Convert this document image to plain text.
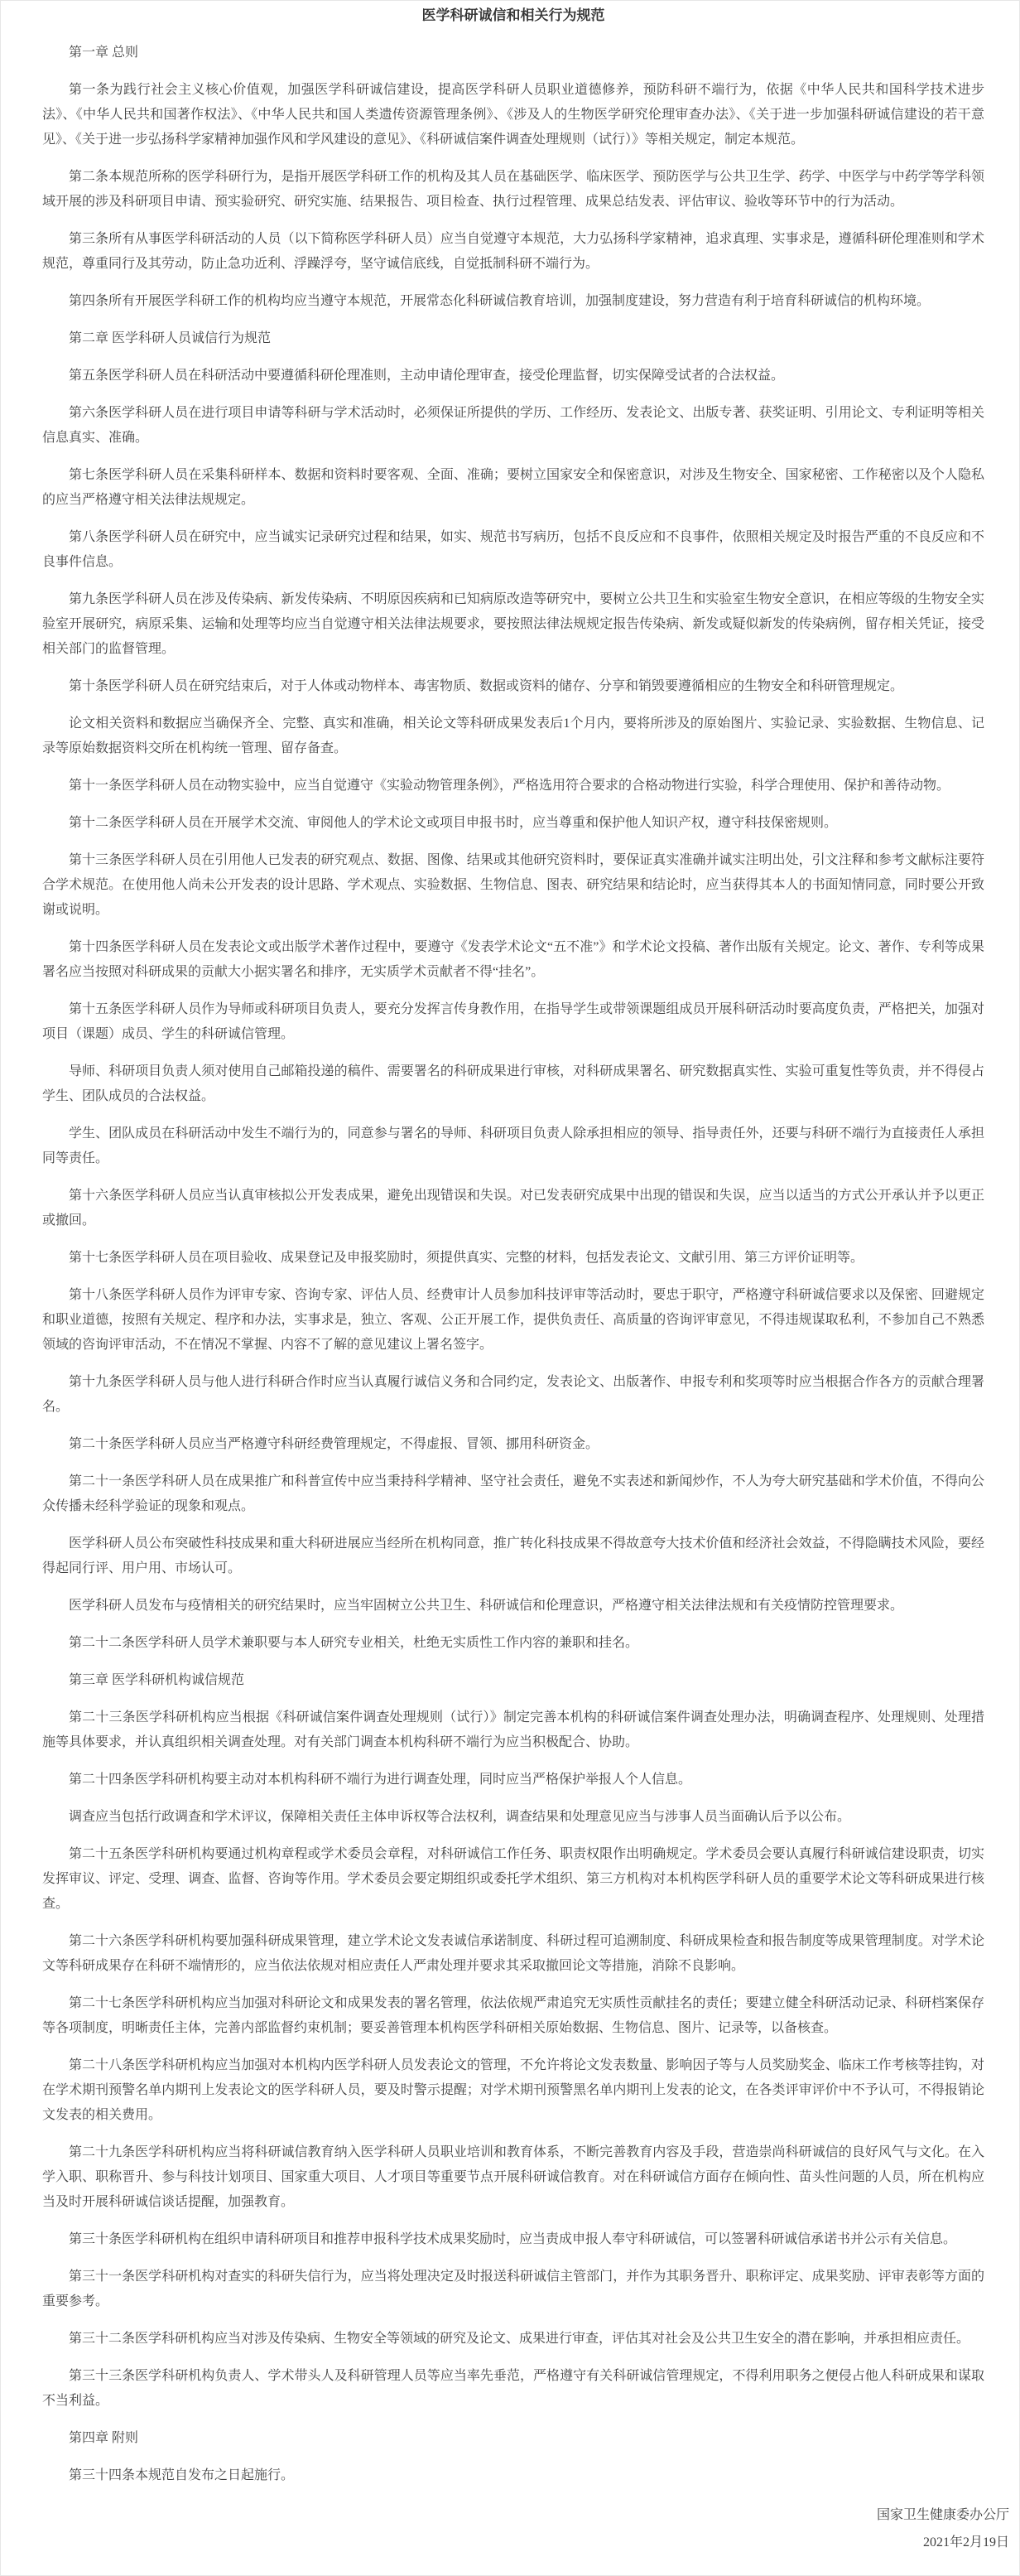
医学科研诚信和相关行为规范

第一章 总则

第一条为践行社会主义核心价值观，加强医学科研诚信建设，提高医学科研人员职业道德修养，预防科研不端行为，依据《中华人民共和国科学技术进步法》、《中华人民共和国著作权法》、《中华人民共和国人类遗传资源管理条例》、《涉及人的生物医学研究伦理审查办法》、《关于进一步加强科研诚信建设的若干意见》、《关于进一步弘扬科学家精神加强作风和学风建设的意见》、《科研诚信案件调查处理规则（试行）》等相关规定，制定本规范。

第二条本规范所称的医学科研行为，是指开展医学科研工作的机构及其人员在基础医学、临床医学、预防医学与公共卫生学、药学、中医学与中药学等学科领域开展的涉及科研项目申请、预实验研究、研究实施、结果报告、项目检查、执行过程管理、成果总结发表、评估审议、验收等环节中的行为活动。

第三条所有从事医学科研活动的人员（以下简称医学科研人员）应当自觉遵守本规范，大力弘扬科学家精神，追求真理、实事求是，遵循科研伦理准则和学术规范，尊重同行及其劳动，防止急功近利、浮躁浮夸，坚守诚信底线，自觉抵制科研不端行为。

第四条所有开展医学科研工作的机构均应当遵守本规范，开展常态化科研诚信教育培训，加强制度建设，努力营造有利于培育科研诚信的机构环境。

第二章 医学科研人员诚信行为规范

第五条医学科研人员在科研活动中要遵循科研伦理准则，主动申请伦理审查，接受伦理监督，切实保障受试者的合法权益。

第六条医学科研人员在进行项目申请等科研与学术活动时，必须保证所提供的学历、工作经历、发表论文、出版专著、获奖证明、引用论文、专利证明等相关信息真实、准确。

第七条医学科研人员在采集科研样本、数据和资料时要客观、全面、准确；要树立国家安全和保密意识，对涉及生物安全、国家秘密、工作秘密以及个人隐私的应当严格遵守相关法律法规规定。

第八条医学科研人员在研究中，应当诚实记录研究过程和结果，如实、规范书写病历，包括不良反应和不良事件，依照相关规定及时报告严重的不良反应和不良事件信息。

第九条医学科研人员在涉及传染病、新发传染病、不明原因疾病和已知病原改造等研究中，要树立公共卫生和实验室生物安全意识，在相应等级的生物安全实验室开展研究，病原采集、运输和处理等均应当自觉遵守相关法律法规要求，要按照法律法规规定报告传染病、新发或疑似新发的传染病例，留存相关凭证，接受相关部门的监督管理。

第十条医学科研人员在研究结束后，对于人体或动物样本、毒害物质、数据或资料的储存、分享和销毁要遵循相应的生物安全和科研管理规定。

论文相关资料和数据应当确保齐全、完整、真实和准确，相关论文等科研成果发表后1个月内，要将所涉及的原始图片、实验记录、实验数据、生物信息、记录等原始数据资料交所在机构统一管理、留存备查。

第十一条医学科研人员在动物实验中，应当自觉遵守《实验动物管理条例》，严格选用符合要求的合格动物进行实验，科学合理使用、保护和善待动物。

第十二条医学科研人员在开展学术交流、审阅他人的学术论文或项目申报书时，应当尊重和保护他人知识产权，遵守科技保密规则。

第十三条医学科研人员在引用他人已发表的研究观点、数据、图像、结果或其他研究资料时，要保证真实准确并诚实注明出处，引文注释和参考文献标注要符合学术规范。在使用他人尚未公开发表的设计思路、学术观点、实验数据、生物信息、图表、研究结果和结论时，应当获得其本人的书面知情同意，同时要公开致谢或说明。

第十四条医学科研人员在发表论文或出版学术著作过程中，要遵守《发表学术论文“五不准”》和学术论文投稿、著作出版有关规定。论文、著作、专利等成果署名应当按照对科研成果的贡献大小据实署名和排序，无实质学术贡献者不得“挂名”。

第十五条医学科研人员作为导师或科研项目负责人，要充分发挥言传身教作用，在指导学生或带领课题组成员开展科研活动时要高度负责，严格把关，加强对项目（课题）成员、学生的科研诚信管理。

导师、科研项目负责人须对使用自己邮箱投递的稿件、需要署名的科研成果进行审核，对科研成果署名、研究数据真实性、实验可重复性等负责，并不得侵占学生、团队成员的合法权益。

学生、团队成员在科研活动中发生不端行为的，同意参与署名的导师、科研项目负责人除承担相应的领导、指导责任外，还要与科研不端行为直接责任人承担同等责任。

第十六条医学科研人员应当认真审核拟公开发表成果，避免出现错误和失误。对已发表研究成果中出现的错误和失误，应当以适当的方式公开承认并予以更正或撤回。

第十七条医学科研人员在项目验收、成果登记及申报奖励时，须提供真实、完整的材料，包括发表论文、文献引用、第三方评价证明等。

第十八条医学科研人员作为评审专家、咨询专家、评估人员、经费审计人员参加科技评审等活动时，要忠于职守，严格遵守科研诚信要求以及保密、回避规定和职业道德，按照有关规定、程序和办法，实事求是，独立、客观、公正开展工作，提供负责任、高质量的咨询评审意见，不得违规谋取私利，不参加自己不熟悉领域的咨询评审活动，不在情况不掌握、内容不了解的意见建议上署名签字。

第十九条医学科研人员与他人进行科研合作时应当认真履行诚信义务和合同约定，发表论文、出版著作、申报专利和奖项等时应当根据合作各方的贡献合理署名。

第二十条医学科研人员应当严格遵守科研经费管理规定，不得虚报、冒领、挪用科研资金。

第二十一条医学科研人员在成果推广和科普宣传中应当秉持科学精神、坚守社会责任，避免不实表述和新闻炒作，不人为夸大研究基础和学术价值，不得向公众传播未经科学验证的现象和观点。

医学科研人员公布突破性科技成果和重大科研进展应当经所在机构同意，推广转化科技成果不得故意夸大技术价值和经济社会效益，不得隐瞒技术风险，要经得起同行评、用户用、市场认可。

医学科研人员发布与疫情相关的研究结果时，应当牢固树立公共卫生、科研诚信和伦理意识，严格遵守相关法律法规和有关疫情防控管理要求。

第二十二条医学科研人员学术兼职要与本人研究专业相关，杜绝无实质性工作内容的兼职和挂名。

第三章 医学科研机构诚信规范

第二十三条医学科研机构应当根据《科研诚信案件调查处理规则（试行）》制定完善本机构的科研诚信案件调查处理办法，明确调查程序、处理规则、处理措施等具体要求，并认真组织相关调查处理。对有关部门调查本机构科研不端行为应当积极配合、协助。

第二十四条医学科研机构要主动对本机构科研不端行为进行调查处理，同时应当严格保护举报人个人信息。

调查应当包括行政调查和学术评议，保障相关责任主体申诉权等合法权利，调查结果和处理意见应当与涉事人员当面确认后予以公布。

第二十五条医学科研机构要通过机构章程或学术委员会章程，对科研诚信工作任务、职责权限作出明确规定。学术委员会要认真履行科研诚信建设职责，切实发挥审议、评定、受理、调查、监督、咨询等作用。学术委员会要定期组织或委托学术组织、第三方机构对本机构医学科研人员的重要学术论文等科研成果进行核查。

第二十六条医学科研机构要加强科研成果管理，建立学术论文发表诚信承诺制度、科研过程可追溯制度、科研成果检查和报告制度等成果管理制度。对学术论文等科研成果存在科研不端情形的，应当依法依规对相应责任人严肃处理并要求其采取撤回论文等措施，消除不良影响。

第二十七条医学科研机构应当加强对科研论文和成果发表的署名管理，依法依规严肃追究无实质性贡献挂名的责任；要建立健全科研活动记录、科研档案保存等各项制度，明晰责任主体，完善内部监督约束机制；要妥善管理本机构医学科研相关原始数据、生物信息、图片、记录等，以备核查。

第二十八条医学科研机构应当加强对本机构内医学科研人员发表论文的管理，不允许将论文发表数量、影响因子等与人员奖励奖金、临床工作考核等挂钩，对在学术期刊预警名单内期刊上发表论文的医学科研人员，要及时警示提醒；对学术期刊预警黑名单内期刊上发表的论文，在各类评审评价中不予认可，不得报销论文发表的相关费用。

第二十九条医学科研机构应当将科研诚信教育纳入医学科研人员职业培训和教育体系，不断完善教育内容及手段，营造崇尚科研诚信的良好风气与文化。在入学入职、职称晋升、参与科技计划项目、国家重大项目、人才项目等重要节点开展科研诚信教育。对在科研诚信方面存在倾向性、苗头性问题的人员，所在机构应当及时开展科研诚信谈话提醒，加强教育。

第三十条医学科研机构在组织申请科研项目和推荐申报科学技术成果奖励时，应当责成申报人奉守科研诚信，可以签署科研诚信承诺书并公示有关信息。

第三十一条医学科研机构对查实的科研失信行为，应当将处理决定及时报送科研诚信主管部门，并作为其职务晋升、职称评定、成果奖励、评审表彰等方面的重要参考。

第三十二条医学科研机构应当对涉及传染病、生物安全等领域的研究及论文、成果进行审查，评估其对社会及公共卫生安全的潜在影响，并承担相应责任。

第三十三条医学科研机构负责人、学术带头人及科研管理人员等应当率先垂范，严格遵守有关科研诚信管理规定，不得利用职务之便侵占他人科研成果和谋取不当利益。

第四章 附则

第三十四条本规范自发布之日起施行。

国家卫生健康委办公厅

2021年2月19日
